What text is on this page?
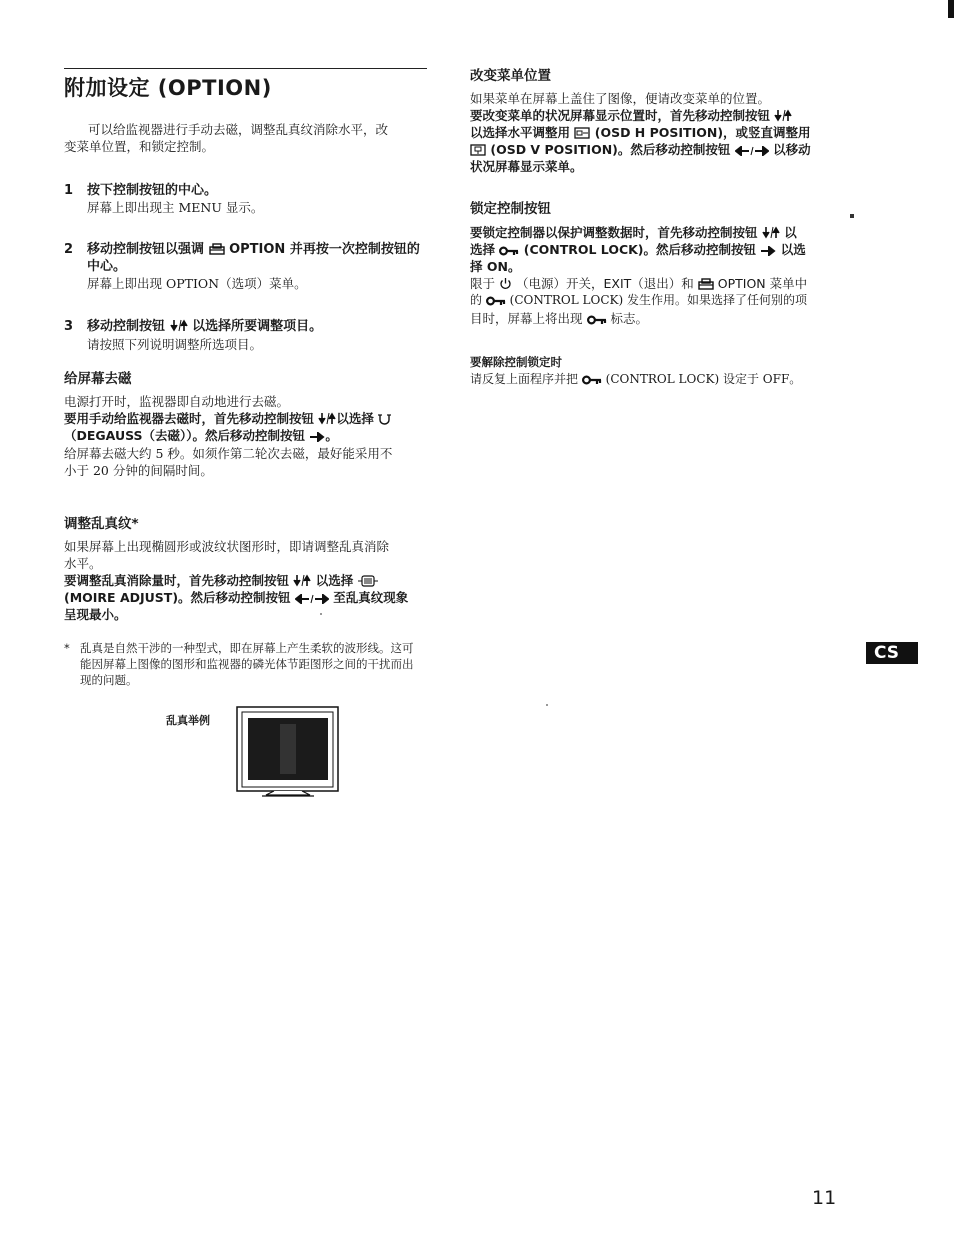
附加设定 (OPTION)
可以给监视器进行手动去磁，调整乱真纹消除水平，改
变菜单位置，和锁定控制。
1 按下控制按钮的中心。
屏幕上即出现主 MENU 显示。
2 移动控制按钮以强调 OPTION 并再按一次控制按钮的
中心。
屏幕上即出现 OPTION（选项）菜单。
3 移动控制按钮 以选择所要调整项目。
请按照下列说明调整所选项目。
给屏幕去磁
电源打开时，监视器即自动地进行去磁。
要用手动给监视器去磁时，首先移动控制按钮 以选择
（DEGAUSS（去磁））。然后移动控制按钮 。
给屏幕去磁大约 5 秒。如须作第二轮次去磁，最好能采用不
小于 20 分钟的间隔时间。
调整乱真纹*
如果屏幕上出现椭圆形或波纹状图形时，即请调整乱真消除
水平。
要调整乱真消除量时，首先移动控制按钮 以选择
(MOIRE ADJUST)。然后移动控制按钮	至乱真纹现象
呈现最小。
* 乱真是自然干涉的一种型式，即在屏幕上产生柔软的波形线。这可
能因屏幕上图像的图形和监视器的磷光体节距图形之间的干扰而出
现的问题。
乱真举例
改变菜单位置
如果菜单在屏幕上盖住了图像，便请改变菜单的位置。
要改变菜单的状况屏幕显示位置时，首先移动控制按钮
以选择水平调整用 (OSD H POSITION)，或竖直调整用
(OSD V POSITION)。然后移动控制按钮	以移动
状况屏幕显示菜单。
锁定控制按钮
要锁定控制器以保护调整数据时，首先移动控制按钮 以
选择 (CONTROL LOCK)。然后移动控制按钮 以选
择 ON。
限于 （电源）开关，EXIT（退出）和 OPTION 菜单中
的 (CONTROL LOCK) 发生作用。如果选择了任何别的项
目时，屏幕上将出现 标志。
要解除控制锁定时
请反复上面程序并把 (CONTROL LOCK) 设定于 OFF。
CS
11
